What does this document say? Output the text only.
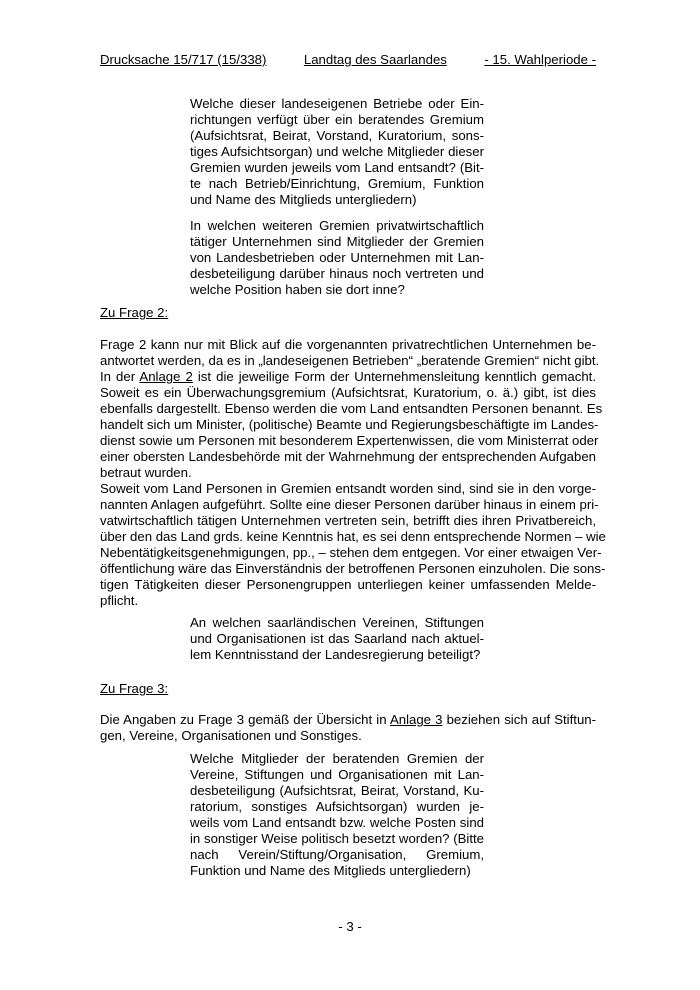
Drucksache 15/717 (15/338)	Landtag des Saarlandes	- 15. Wahlperiode -
Welche dieser landeseigenen Betriebe oder Ein-
richtungen verfügt über ein beratendes Gremium
(Aufsichtsrat, Beirat, Vorstand, Kuratorium, sons-
tiges Aufsichtsorgan) und welche Mitglieder dieser
Gremien wurden jeweils vom Land entsandt? (Bit-
te nach Betrieb/Einrichtung, Gremium, Funktion
und Name des Mitglieds untergliedern)
In welchen weiteren Gremien privatwirtschaftlich
tätiger Unternehmen sind Mitglieder der Gremien
von Landesbetrieben oder Unternehmen mit Lan-
desbeteiligung darüber hinaus noch vertreten und
welche Position haben sie dort inne?
Zu Frage 2:
Frage 2 kann nur mit Blick auf die vorgenannten privatrechtlichen Unternehmen be-
antwortet werden, da es in „landeseigenen Betrieben“ „beratende Gremien“ nicht gibt.
In der Anlage 2 ist die jeweilige Form der Unternehmensleitung kenntlich gemacht.
Soweit es ein Überwachungsgremium (Aufsichtsrat, Kuratorium, o. ä.) gibt, ist dies
ebenfalls dargestellt. Ebenso werden die vom Land entsandten Personen benannt. Es
handelt sich um Minister, (politische) Beamte und Regierungsbeschäftigte im Landes-
dienst sowie um Personen mit besonderem Expertenwissen, die vom Ministerrat oder
einer obersten Landesbehörde mit der Wahrnehmung der entsprechenden Aufgaben
betraut wurden.
Soweit vom Land Personen in Gremien entsandt worden sind, sind sie in den vorge-
nannten Anlagen aufgeführt. Sollte eine dieser Personen darüber hinaus in einem pri-
vatwirtschaftlich tätigen Unternehmen vertreten sein, betrifft dies ihren Privatbereich,
über den das Land grds. keine Kenntnis hat, es sei denn entsprechende Normen – wie
Nebentätigkeitsgenehmigungen, pp., – stehen dem entgegen. Vor einer etwaigen Ver-
öffentlichung wäre das Einverständnis der betroffenen Personen einzuholen. Die sons-
tigen Tätigkeiten dieser Personengruppen unterliegen keiner umfassenden Melde-
pflicht.
An welchen saarländischen Vereinen, Stiftungen
und Organisationen ist das Saarland nach aktuel-
lem Kenntnisstand der Landesregierung beteiligt?
Zu Frage 3:
Die Angaben zu Frage 3 gemäß der Übersicht in Anlage 3 beziehen sich auf Stiftun-
gen, Vereine, Organisationen und Sonstiges.
Welche Mitglieder der beratenden Gremien der
Vereine, Stiftungen und Organisationen mit Lan-
desbeteiligung (Aufsichtsrat, Beirat, Vorstand, Ku-
ratorium, sonstiges Aufsichtsorgan) wurden je-
weils vom Land entsandt bzw. welche Posten sind
in sonstiger Weise politisch besetzt worden? (Bitte
nach Verein/Stiftung/Organisation, Gremium,
Funktion und Name des Mitglieds untergliedern)
- 3 -
